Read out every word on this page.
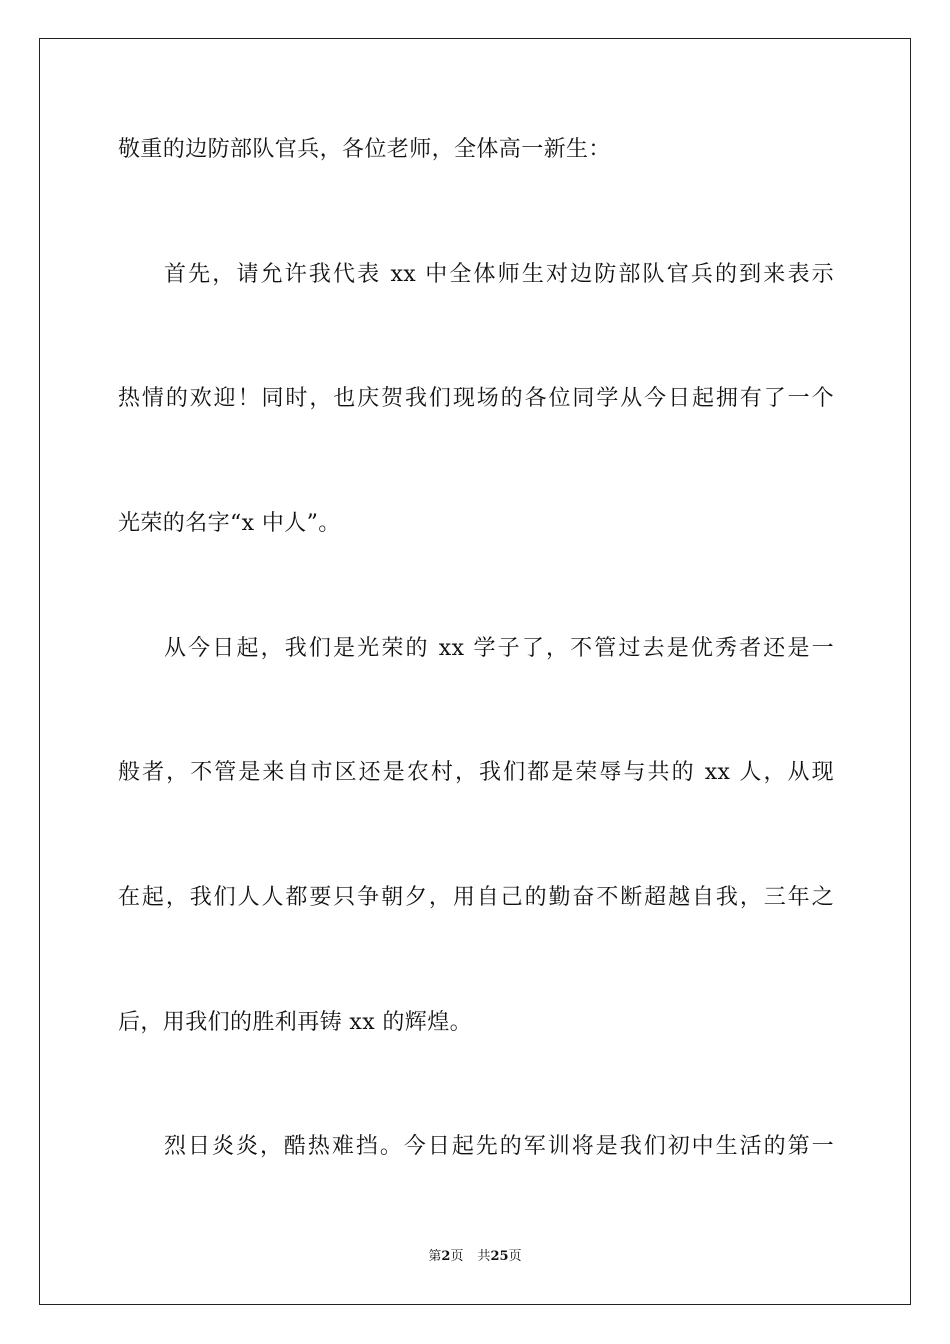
敬重的边防部队官兵，各位老师，全体高一新生：
首先，请允许我代表 xx 中全体师生对边防部队官兵的到来表示
热情的欢迎！同时，也庆贺我们现场的各位同学从今日起拥有了一个
光荣的名字“x 中人”。
从今日起，我们是光荣的 xx 学子了，不管过去是优秀者还是一
般者，不管是来自市区还是农村，我们都是荣辱与共的 xx 人，从现
在起，我们人人都要只争朝夕，用自己的勤奋不断超越自我，三年之
后，用我们的胜利再铸 xx 的辉煌。
烈日炎炎，酷热难挡。今日起先的军训将是我们初中生活的第一
第2页 共25页
